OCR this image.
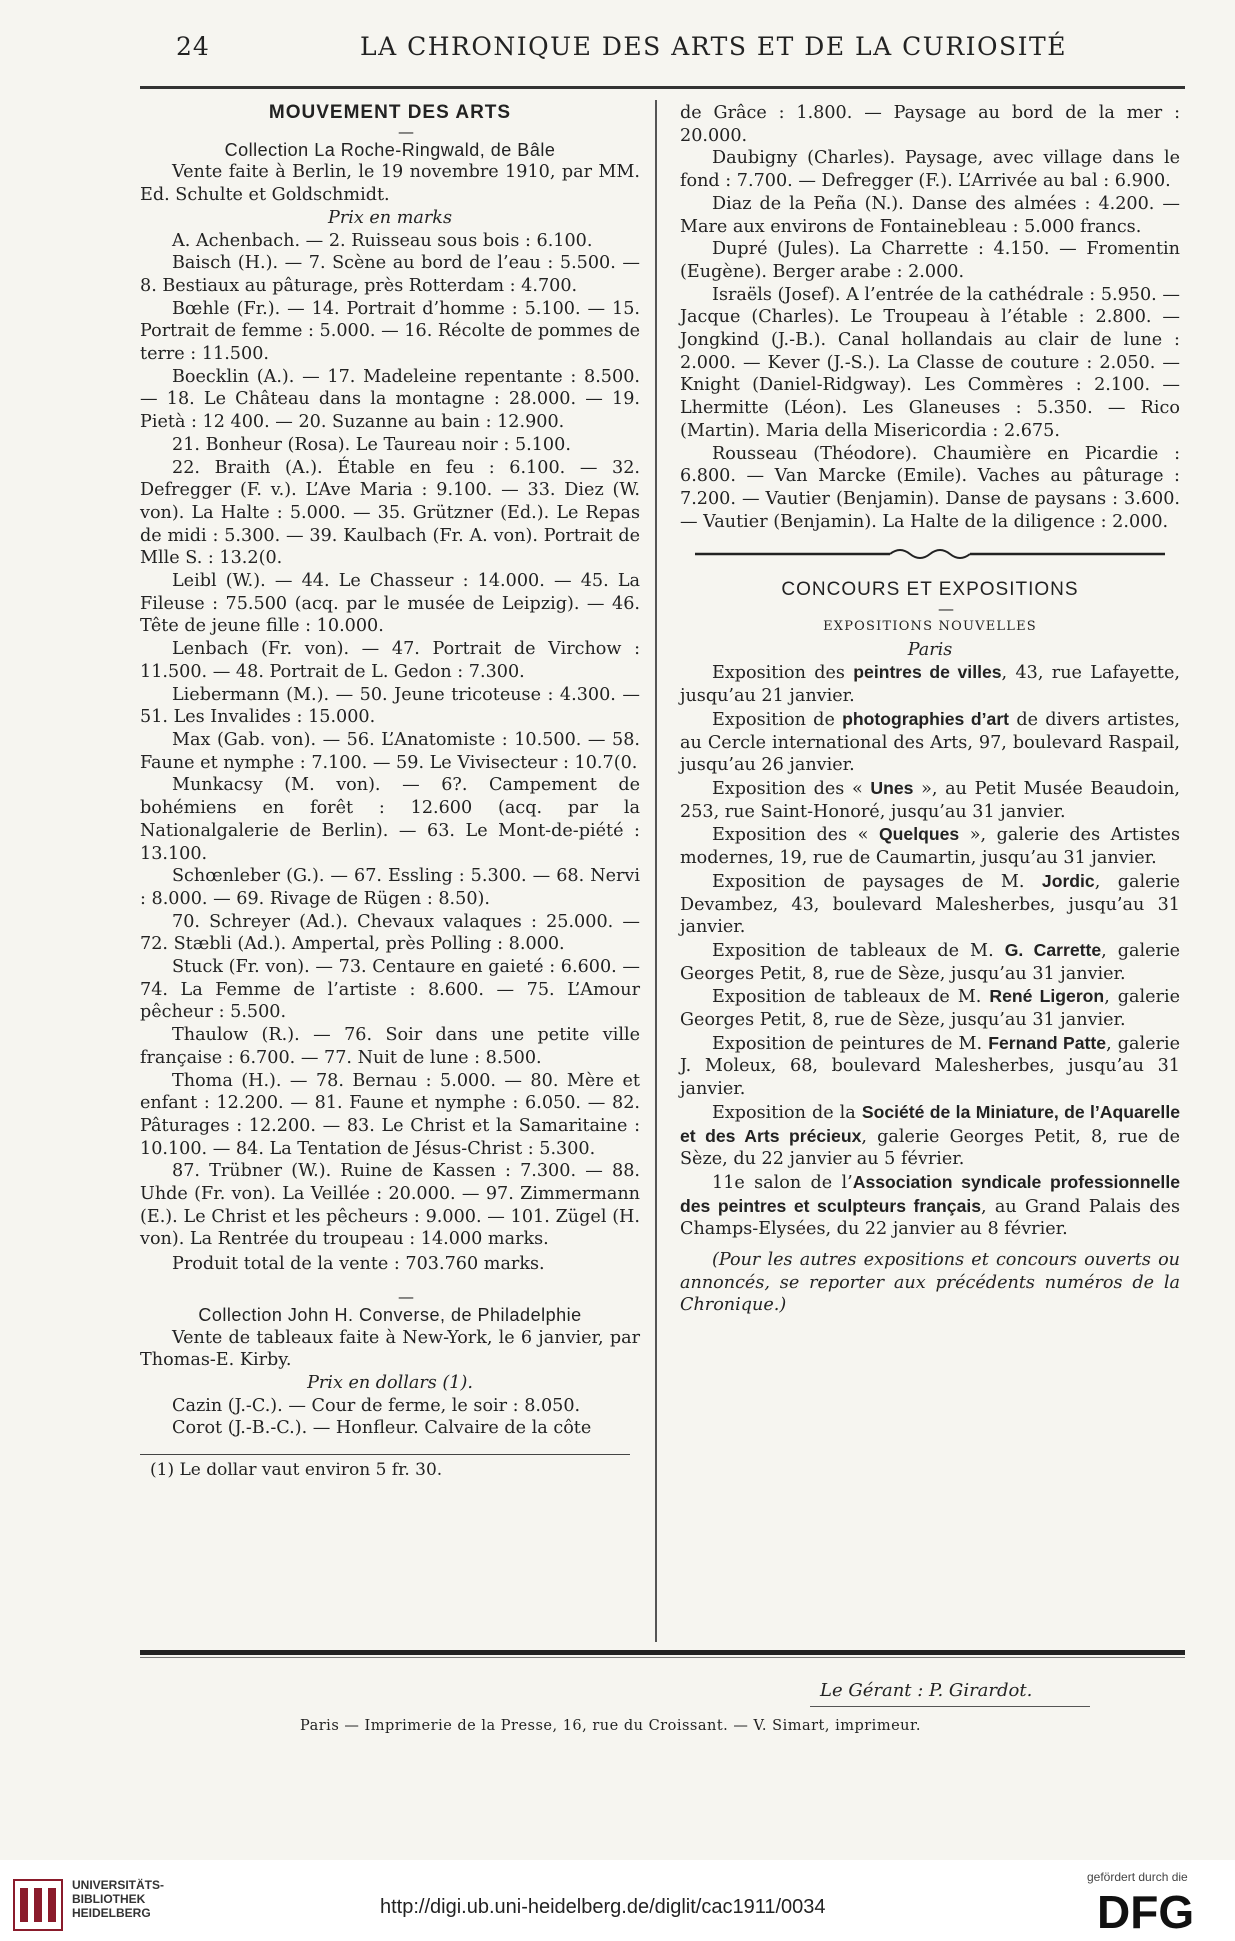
24	LA CHRONIQUE DES ARTS ET DE LA CURIOSITÉ

MOUVEMENT DES ARTS

—

Collection La Roche-Ringwald, de Bâle

Vente faite à Berlin, le 19 novembre 1910, par MM. Ed. Schulte et Goldschmidt.

Prix en marks

A. Achenbach. — 2. Ruisseau sous bois : 6.100.

Baisch (H.). — 7. Scène au bord de l’eau : 5.500. — 8. Bestiaux au pâturage, près Rotterdam : 4.700.

Bœhle (Fr.). — 14. Portrait d’homme : 5.100. — 15. Portrait de femme : 5.000. — 16. Récolte de pommes de terre : 11.500.

Boecklin (A.). — 17. Madeleine repentante : 8.500. — 18. Le Château dans la montagne : 28.000. — 19. Pietà : 12 400. — 20. Suzanne au bain : 12.900.

21. Bonheur (Rosa). Le Taureau noir : 5.100.

22. Braith (A.). Étable en feu : 6.100. — 32. Defregger (F. v.). L’Ave Maria : 9.100. — 33. Diez (W. von). La Halte : 5.000. — 35. Grützner (Ed.). Le Repas de midi : 5.300. — 39. Kaulbach (Fr. A. von). Portrait de Mlle S. : 13.2(0.

Leibl (W.). — 44. Le Chasseur : 14.000. — 45. La Fileuse : 75.500 (acq. par le musée de Leipzig). — 46. Tête de jeune fille : 10.000.

Lenbach (Fr. von). — 47. Portrait de Virchow : 11.500. — 48. Portrait de L. Gedon : 7.300.

Liebermann (M.). — 50. Jeune tricoteuse : 4.300. — 51. Les Invalides : 15.000.

Max (Gab. von). — 56. L’Anatomiste : 10.500. — 58. Faune et nymphe : 7.100. — 59. Le Vivisecteur : 10.7(0.

Munkacsy (M. von). — 6?. Campement de bohémiens en forêt : 12.600 (acq. par la Nationalgalerie de Berlin). — 63. Le Mont-de-piété : 13.100.

Schœnleber (G.). — 67. Essling : 5.300. — 68. Nervi : 8.000. — 69. Rivage de Rügen : 8.50).

70. Schreyer (Ad.). Chevaux valaques : 25.000. — 72. Stæbli (Ad.). Ampertal, près Polling : 8.000.

Stuck (Fr. von). — 73. Centaure en gaieté : 6.600. — 74. La Femme de l’artiste : 8.600. — 75. L’Amour pêcheur : 5.500.

Thaulow (R.). — 76. Soir dans une petite ville française : 6.700. — 77. Nuit de lune : 8.500.

Thoma (H.). — 78. Bernau : 5.000. — 80. Mère et enfant : 12.200. — 81. Faune et nymphe : 6.050. — 82. Pâturages : 12.200. — 83. Le Christ et la Samaritaine : 10.100. — 84. La Tentation de Jésus-Christ : 5.300.

87. Trübner (W.). Ruine de Kassen : 7.300. — 88. Uhde (Fr. von). La Veillée : 20.000. — 97. Zimmermann (E.). Le Christ et les pêcheurs : 9.000. — 101. Zügel (H. von). La Rentrée du troupeau : 14.000 marks.

Produit total de la vente : 703.760 marks.

—

Collection John H. Converse, de Philadelphie

Vente de tableaux faite à New-York, le 6 janvier, par Thomas-E. Kirby.

Prix en dollars (1).

Cazin (J.-C.). — Cour de ferme, le soir : 8.050.

Corot (J.-B.-C.). — Honfleur. Calvaire de la côte

(1) Le dollar vaut environ 5 fr. 30.

de Grâce : 1.800. — Paysage au bord de la mer : 20.000.

Daubigny (Charles). Paysage, avec village dans le fond : 7.700. — Defregger (F.). L’Arrivée au bal : 6.900.

Diaz de la Peña (N.). Danse des almées : 4.200. — Mare aux environs de Fontainebleau : 5.000 francs.

Dupré (Jules). La Charrette : 4.150. — Fromentin (Eugène). Berger arabe : 2.000.

Israëls (Josef). A l’entrée de la cathédrale : 5.950. — Jacque (Charles). Le Troupeau à l’étable : 2.800. — Jongkind (J.-B.). Canal hollandais au clair de lune : 2.000. — Kever (J.-S.). La Classe de couture : 2.050. — Knight (Daniel-Ridgway). Les Commères : 2.100. — Lhermitte (Léon). Les Glaneuses : 5.350. — Rico (Martin). Maria della Misericordia : 2.675.

Rousseau (Théodore). Chaumière en Picardie : 6.800. — Van Marcke (Emile). Vaches au pâturage : 7.200. — Vautier (Benjamin). Danse de paysans : 3.600. — Vautier (Benjamin). La Halte de la diligence : 2.000.

CONCOURS ET EXPOSITIONS

—

EXPOSITIONS NOUVELLES

Paris

Exposition des peintres de villes, 43, rue Lafayette, jusqu’au 21 janvier.

Exposition de photographies d’art de divers artistes, au Cercle international des Arts, 97, boulevard Raspail, jusqu’au 26 janvier.

Exposition des « Unes », au Petit Musée Beaudoin, 253, rue Saint-Honoré, jusqu’au 31 janvier.

Exposition des « Quelques », galerie des Artistes modernes, 19, rue de Caumartin, jusqu’au 31 janvier.

Exposition de paysages de M. Jordic, galerie Devambez, 43, boulevard Malesherbes, jusqu’au 31 janvier.

Exposition de tableaux de M. G. Carrette, galerie Georges Petit, 8, rue de Sèze, jusqu’au 31 janvier.

Exposition de tableaux de M. René Ligeron, galerie Georges Petit, 8, rue de Sèze, jusqu’au 31 janvier.

Exposition de peintures de M. Fernand Patte, galerie J. Moleux, 68, boulevard Malesherbes, jusqu’au 31 janvier.

Exposition de la Société de la Miniature, de l’Aquarelle et des Arts précieux, galerie Georges Petit, 8, rue de Sèze, du 22 janvier au 5 février.

11e salon de l’Association syndicale professionnelle des peintres et sculpteurs français, au Grand Palais des Champs-Elysées, du 22 janvier au 8 février.

(Pour les autres expositions et concours ouverts ou annoncés, se reporter aux précédents numéros de la Chronique.)

Le Gérant : P. Girardot.
Paris — Imprimerie de la Presse, 16, rue du Croissant. — V. Simart, imprimeur.
UNIVERSITÄTS-
BIBLIOTHEK
HEIDELBERG	http://digi.ub.uni-heidelberg.de/diglit/cac1911/0034
gefördert durch die
DFG
